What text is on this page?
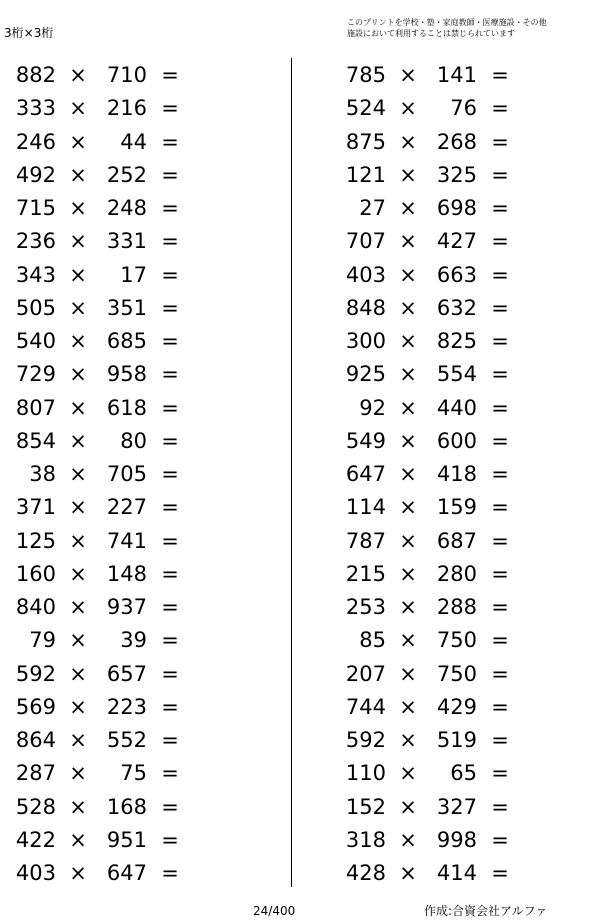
3桁×3桁
このプリントを学校・塾・家庭教師・医療施設・その他
施設において利用することは禁じられています
882 × 710 =
333 × 216 =
246 ×	44 =
492 × 252 =
715 × 248 =
236 × 331 =
343 ×	17 =
505 × 351 =
540 × 685 =
729 × 958 =
807 × 618 =
854 ×	80 =
38 × 705 =
371 × 227 =
125 × 741 =
160 × 148 =
840 × 937 =
79 ×	39 =
592 × 657 =
569 × 223 =
864 × 552 =
287 ×	75 =
528 × 168 =
422 × 951 =
403 × 647 =
785 × 141 =
524 ×	76 =
875 × 268 =
121 × 325 =
27 × 698 =
707 × 427 =
403 × 663 =
848 × 632 =
300 × 825 =
925 × 554 =
92 × 440 =
549 × 600 =
647 × 418 =
114 × 159 =
787 × 687 =
215 × 280 =
253 × 288 =
85 × 750 =
207 × 750 =
744 × 429 =
592 × 519 =
110 ×	65 =
152 × 327 =
318 × 998 =
428 × 414 =
24/400	作成:合資会社アルファ
